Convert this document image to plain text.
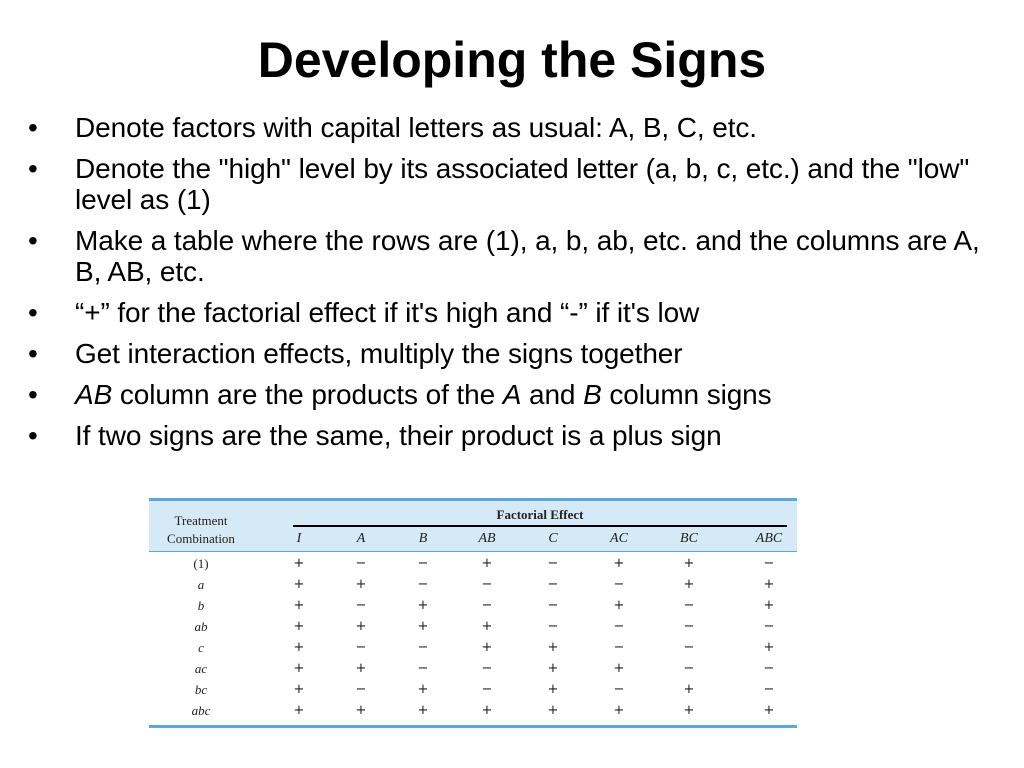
Developing the Signs
•	Denote factors with capital letters as usual: A, B, C, etc.
•	Denote the "high" level by its associated letter (a, b, c, etc.) and the "low" level as (1)
•	Make a table where the rows are (1), a, b, ab, etc. and the columns are A, B, AB, etc.
•	“+” for the factorial effect if it's high and “-” if it's low
•	Get interaction effects, multiply the signs together
•	AB column are the products of the A and B column signs
•	If two signs are the same, their product is a plus sign
Treatment
Combination
Factorial Effect
I	A	B	AB	C	AC	BC	ABC
(1)	+	−	−	+	−	+	+	−
a	+	+	−	−	−	−	+	+
b	+	−	+	−	−	+	−	+
ab	+	+	+	+	−	−	−	−
c	+	−	−	+	+	−	−	+
ac	+	+	−	−	+	+	−	−
bc	+	−	+	−	+	−	+	−
abc	+	+	+	+	+	+	+	+
